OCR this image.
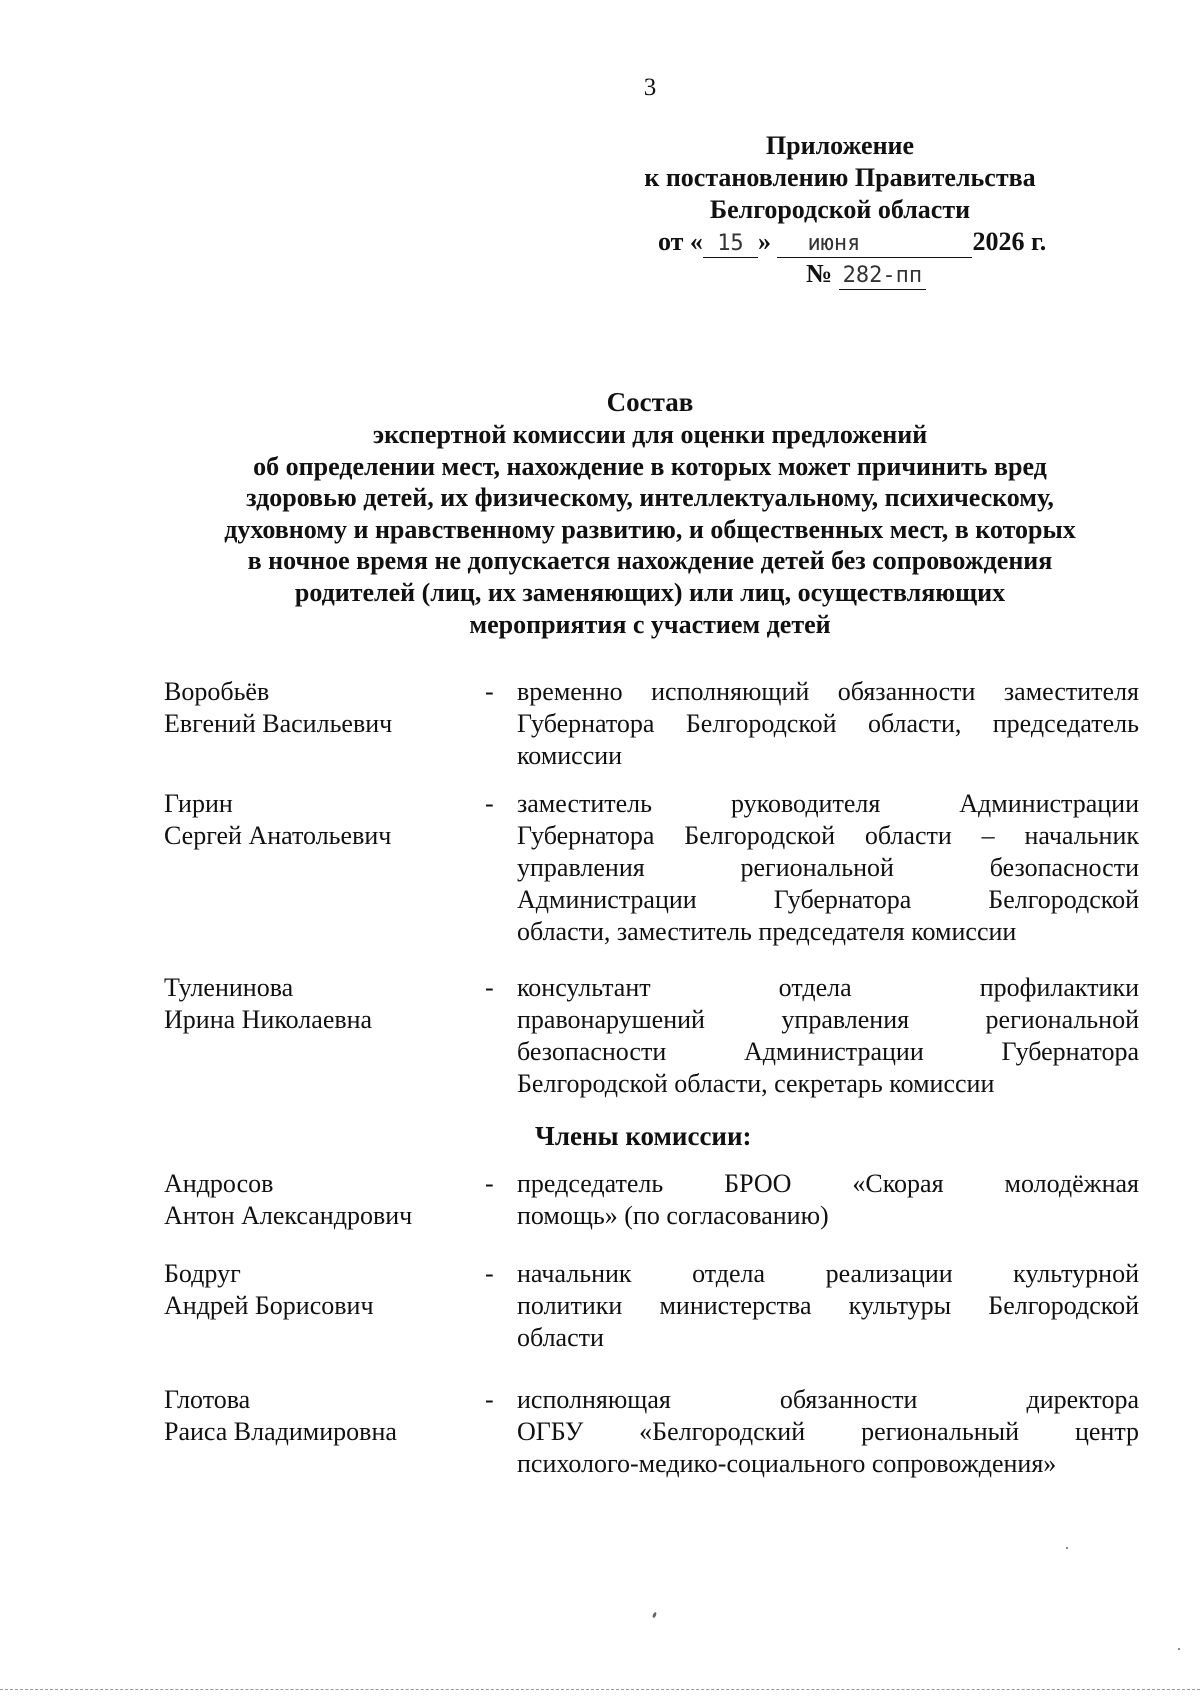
3
Приложение
к постановлению Правительства
Белгородской области
от « 15 » июня	2026 г.
№ 282-пп
Состав
экспертной комиссии для оценки предложений
об определении мест, нахождение в которых может причинить вред
здоровью детей, их физическому, интеллектуальному, психическому,
духовному и нравственному развитию, и общественных мест, в которых
в ночное время не допускается нахождение детей без сопровождения
родителей (лиц, их заменяющих) или лиц, осуществляющих
мероприятия с участием детей
Воробьёв
Евгений Васильевич
- временно исполняющий обязанности заместителя
Губернатора Белгородской области, председатель
комиссии
Гирин
Сергей Анатольевич
- заместитель руководителя Администрации
Губернатора Белгородской области – начальник
управления региональной безопасности
Администрации Губернатора Белгородской
области, заместитель председателя комиссии
Туленинова
Ирина Николаевна
- консультант отдела профилактики
правонарушений управления региональной
безопасности Администрации Губернатора
Белгородской области, секретарь комиссии
Члены комиссии:
Андросов
Антон Александрович
- председатель БРОО «Скорая молодёжная
помощь» (по согласованию)
Бодруг
Андрей Борисович
- начальник отдела реализации культурной
политики министерства культуры Белгородской
области
Глотова
Раиса Владимировна
- исполняющая обязанности директора
ОГБУ «Белгородский региональный центр
психолого-медико-социального сопровождения»
